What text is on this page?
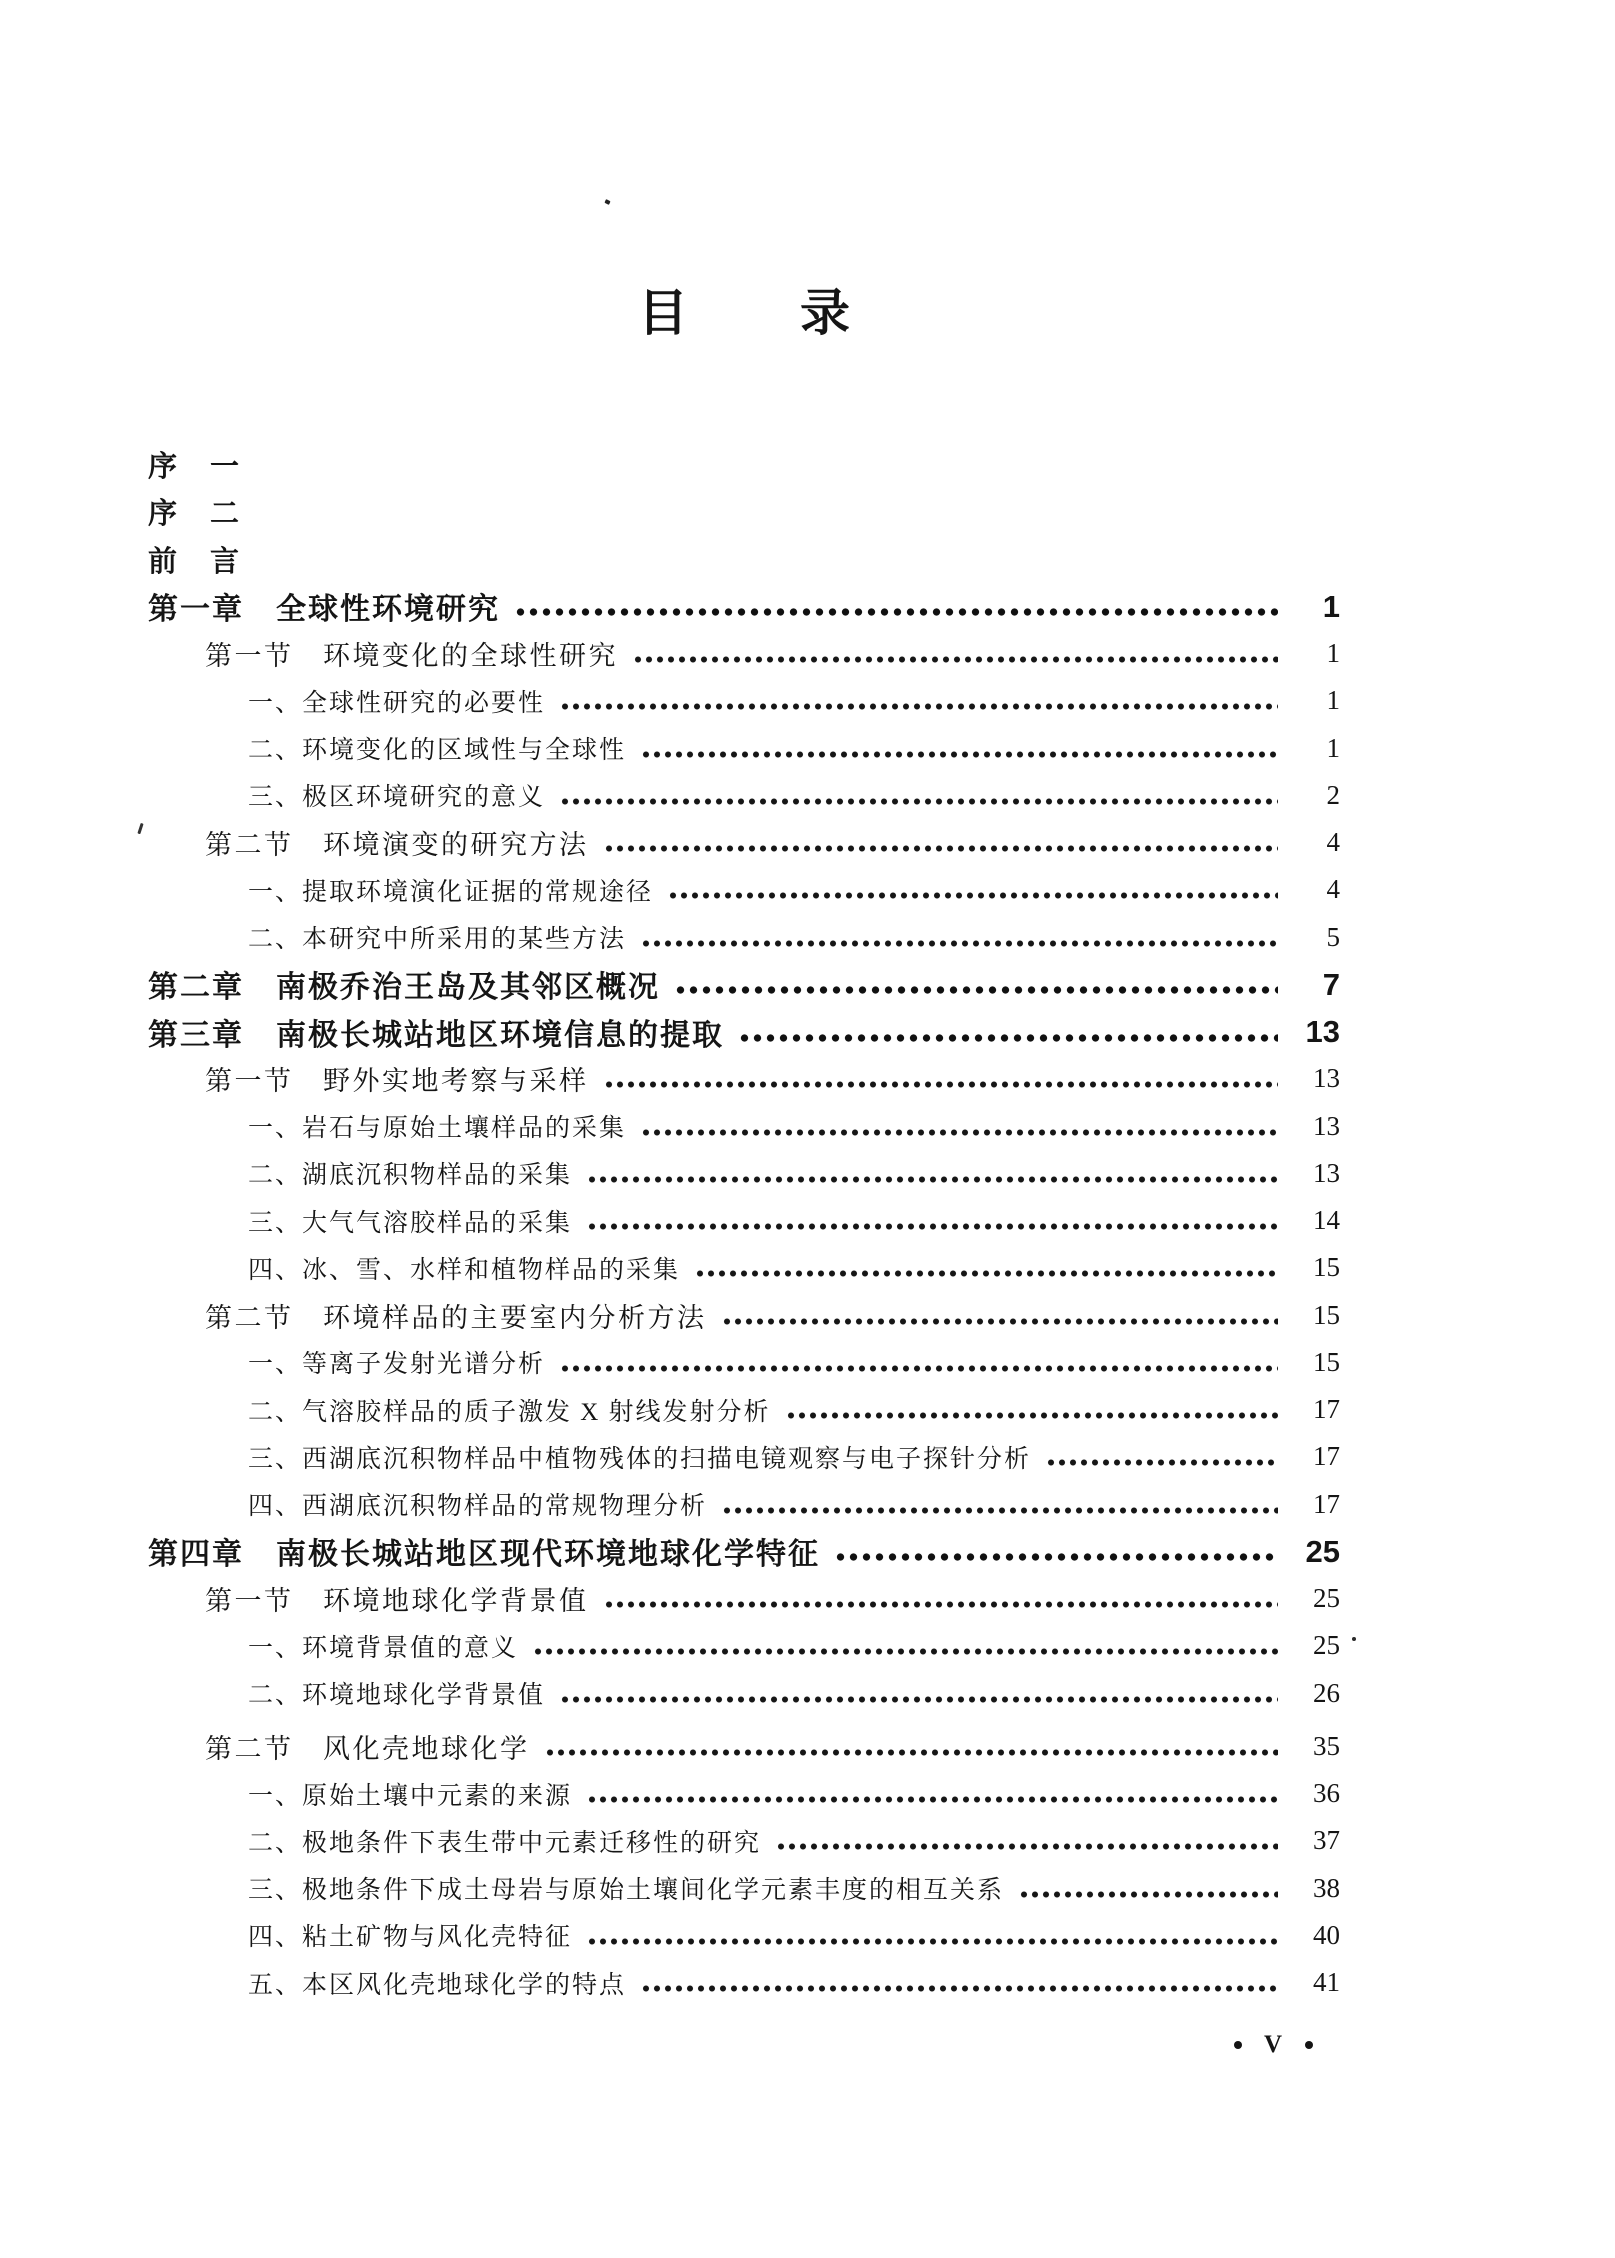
目 录
序　一
序　二
前　言
第一章　全球性环境研究	1
第一节　环境变化的全球性研究	1
一、全球性研究的必要性	1
二、环境变化的区域性与全球性	1
三、极区环境研究的意义	2
第二节　环境演变的研究方法	4
一、提取环境演化证据的常规途径	4
二、本研究中所采用的某些方法	5
第二章　南极乔治王岛及其邻区概况	7
第三章　南极长城站地区环境信息的提取	13
第一节　野外实地考察与采样	13
一、岩石与原始土壤样品的采集	13
二、湖底沉积物样品的采集	13
三、大气气溶胶样品的采集	14
四、冰、雪、水样和植物样品的采集	15
第二节　环境样品的主要室内分析方法	15
一、等离子发射光谱分析	15
二、气溶胶样品的质子激发 X 射线发射分析	17
三、西湖底沉积物样品中植物残体的扫描电镜观察与电子探针分析	17
四、西湖底沉积物样品的常规物理分析	17
第四章　南极长城站地区现代环境地球化学特征	25
第一节　环境地球化学背景值	25
一、环境背景值的意义	25
二、环境地球化学背景值	26
第二节　风化壳地球化学	35
一、原始土壤中元素的来源	36
二、极地条件下表生带中元素迁移性的研究	37
三、极地条件下成土母岩与原始土壤间化学元素丰度的相互关系	38
四、粘土矿物与风化壳特征	40
五、本区风化壳地球化学的特点	41
V
